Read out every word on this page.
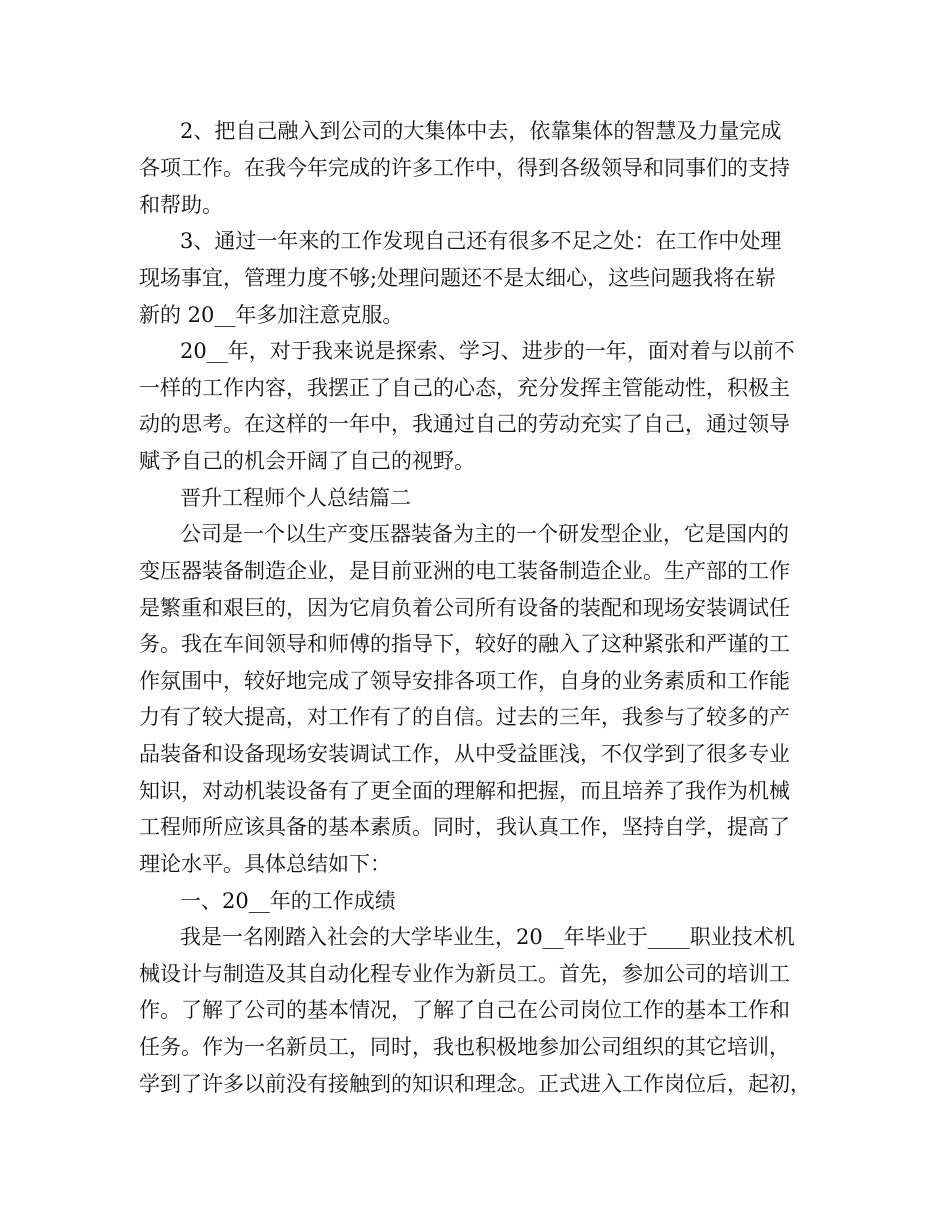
2、把自己融入到公司的大集体中去，依靠集体的智慧及力量完成
各项工作。在我今年完成的许多工作中，得到各级领导和同事们的支持
和帮助。
3、通过一年来的工作发现自己还有很多不足之处：在工作中处理
现场事宜，管理力度不够;处理问题还不是太细心，这些问题我将在崭
新的 20__年多加注意克服。
20__年，对于我来说是探索、学习、进步的一年，面对着与以前不
一样的工作内容，我摆正了自己的心态，充分发挥主管能动性，积极主
动的思考。在这样的一年中，我通过自己的劳动充实了自己，通过领导
赋予自己的机会开阔了自己的视野。
晋升工程师个人总结篇二
公司是一个以生产变压器装备为主的一个研发型企业，它是国内的
变压器装备制造企业，是目前亚洲的电工装备制造企业。生产部的工作
是繁重和艰巨的，因为它肩负着公司所有设备的装配和现场安装调试任
务。我在车间领导和师傅的指导下，较好的融入了这种紧张和严谨的工
作氛围中，较好地完成了领导安排各项工作，自身的业务素质和工作能
力有了较大提高，对工作有了的自信。过去的三年，我参与了较多的产
品装备和设备现场安装调试工作，从中受益匪浅，不仅学到了很多专业
知识，对动机装设备有了更全面的理解和把握，而且培养了我作为机械
工程师所应该具备的基本素质。同时，我认真工作，坚持自学，提高了
理论水平。具体总结如下：
一、20__年的工作成绩
我是一名刚踏入社会的大学毕业生，20__年毕业于____职业技术机
械设计与制造及其自动化程专业作为新员工。首先，参加公司的培训工
作。了解了公司的基本情况，了解了自己在公司岗位工作的基本工作和
任务。作为一名新员工，同时，我也积极地参加公司组织的其它培训，
学到了许多以前没有接触到的知识和理念。正式进入工作岗位后，起初，
